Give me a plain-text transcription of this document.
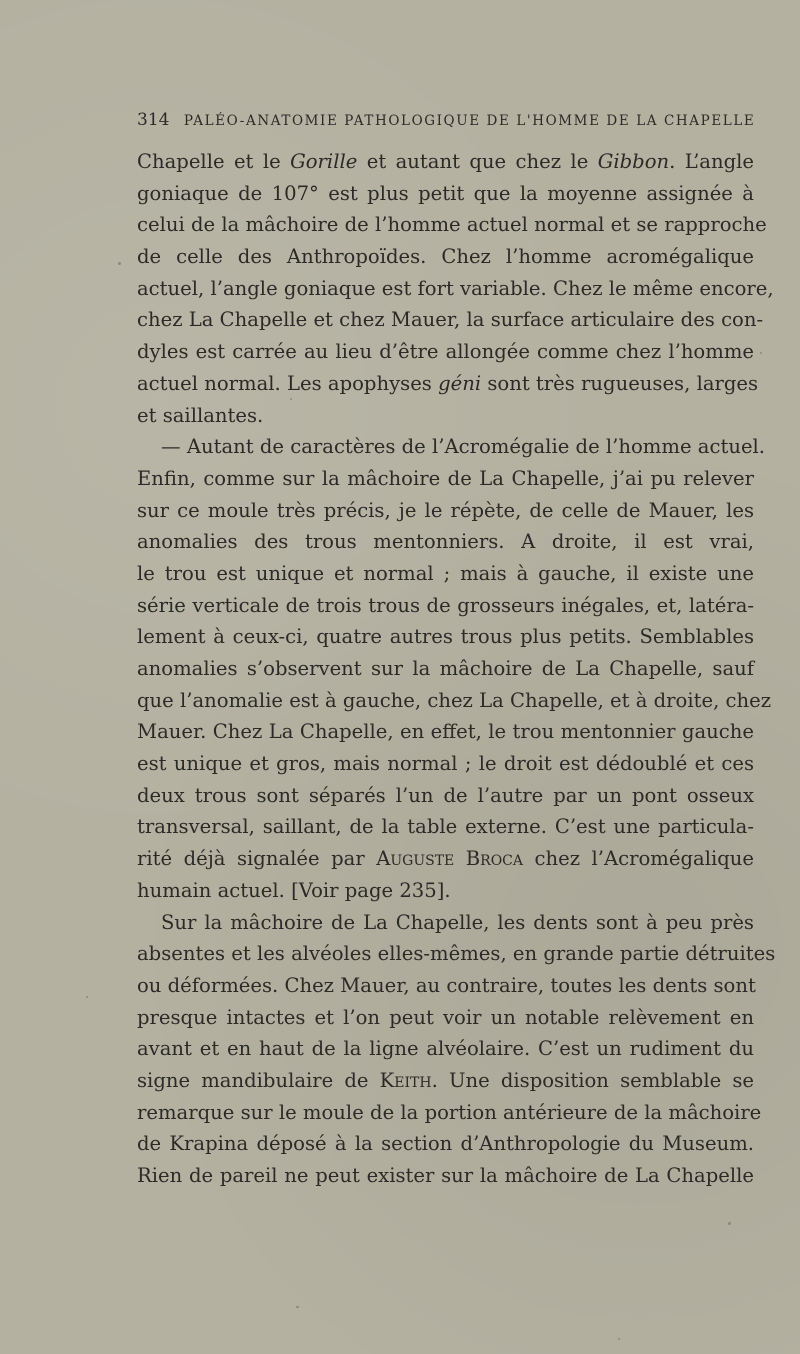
314 PALÉO-ANATOMIE PATHOLOGIQUE DE L'HOMME DE LA CHAPELLE
Chapelle et le Gorille et autant que chez le Gibbon. L’angle
goniaque de 107° est plus petit que la moyenne assignée à
celui de la mâchoire de l’homme actuel normal et se rapproche
de celle des Anthropoïdes. Chez l’homme acromégalique
actuel, l’angle goniaque est fort variable. Chez le même encore,
chez La Chapelle et chez Mauer, la surface articulaire des con-
dyles est carrée au lieu d’être allongée comme chez l’homme
actuel normal. Les apophyses géni sont très rugueuses, larges
et saillantes.
— Autant de caractères de l’Acromégalie de l’homme actuel.
Enfin, comme sur la mâchoire de La Chapelle, j’ai pu relever
sur ce moule très précis, je le répète, de celle de Mauer, les
anomalies des trous mentonniers. A droite, il est vrai,
le trou est unique et normal ; mais à gauche, il existe une
série verticale de trois trous de grosseurs inégales, et, latéra-
lement à ceux-ci, quatre autres trous plus petits. Semblables
anomalies s’observent sur la mâchoire de La Chapelle, sauf
que l’anomalie est à gauche, chez La Chapelle, et à droite, chez
Mauer. Chez La Chapelle, en effet, le trou mentonnier gauche
est unique et gros, mais normal ; le droit est dédoublé et ces
deux trous sont séparés l’un de l’autre par un pont osseux
transversal, saillant, de la table externe. C’est une particula-
rité déjà signalée par Auguste Broca chez l’Acromégalique
humain actuel. [Voir page 235].
Sur la mâchoire de La Chapelle, les dents sont à peu près
absentes et les alvéoles elles-mêmes, en grande partie détruites
ou déformées. Chez Mauer, au contraire, toutes les dents sont
presque intactes et l’on peut voir un notable relèvement en
avant et en haut de la ligne alvéolaire. C’est un rudiment du
signe mandibulaire de Keith. Une disposition semblable se
remarque sur le moule de la portion antérieure de la mâchoire
de Krapina déposé à la section d’Anthropologie du Museum.
Rien de pareil ne peut exister sur la mâchoire de La Chapelle
